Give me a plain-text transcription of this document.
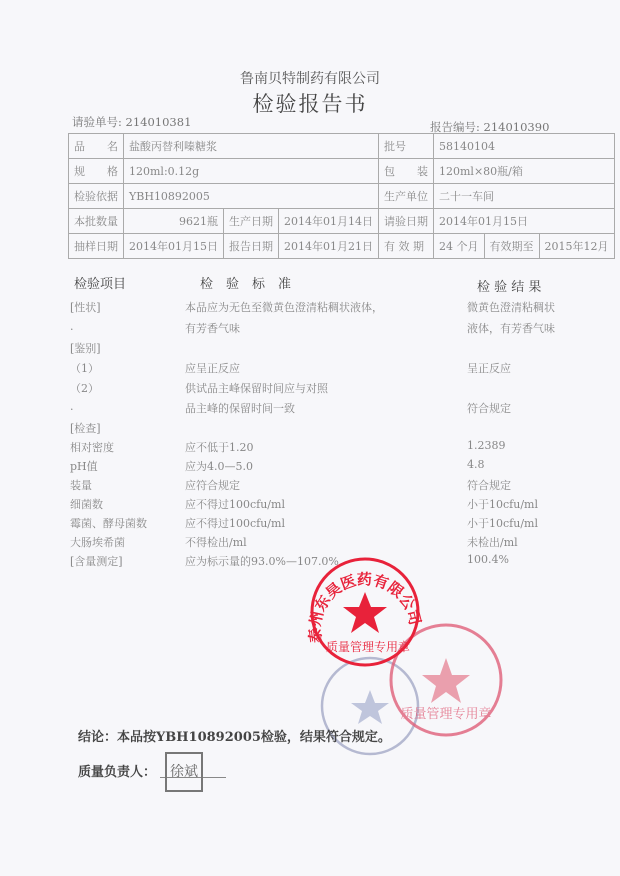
鲁南贝特制药有限公司
检验报告书
请验单号: 214010381	报告编号: 214010390
品　　名	盐酸丙替利嗪糖浆			批号	58140104		
规　　格	120ml:0.12g			包　　装	120ml×80瓶/箱		
检验依据	YBH10892005			生产单位	二十一车间		
本批数量	9621瓶	生产日期	2014年01月14日	请验日期	2014年01月15日		
抽样日期	2014年01月15日	报告日期	2014年01月21日	有 效 期	24 个月	有效期至	2015年12月
检验项目	检　验　标　准	检 验 结 果
[性状]	本品应为无色至微黄色澄清粘稠状液体，	微黄色澄清粘稠状
.	有芳香气味	液体，有芳香气味
[鉴别]
（1）	应呈正反应	呈正反应
（2）	供试品主峰保留时间应与对照
.	品主峰的保留时间一致	符合规定
[检查]
相对密度	应不低于1.20	1.2389
pH值	应为4.0—5.0	4.8
装量	应符合规定	符合规定
细菌数	应不得过100cfu/ml	小于10cfu/ml
霉菌、酵母菌数	应不得过100cfu/ml	小于10cfu/ml
大肠埃希菌	不得检出/ml	未检出/ml
[含量测定]	应为标示量的93.0%—107.0%	100.4%
质量管理专用章
泰州东昊医药有限公司
质量管理专用章
结论：本品按YBH10892005检验，结果符合规定。
质量负责人： 徐斌
